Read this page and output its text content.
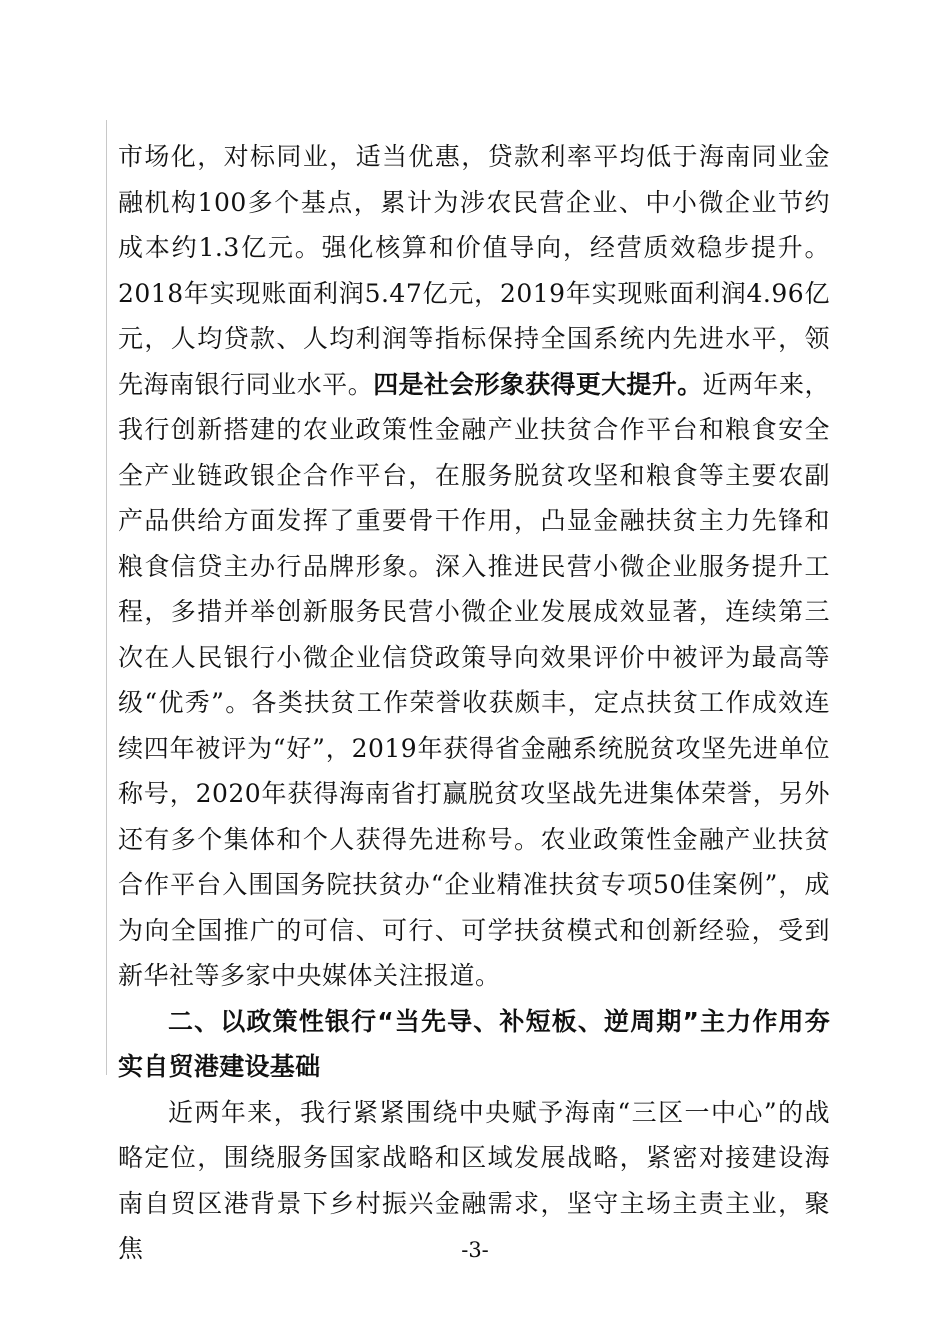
市场化，对标同业，适当优惠，贷款利率平均低于海南同业金融机构100多个基点，累计为涉农民营企业、中小微企业节约成本约1.3亿元。强化核算和价值导向，经营质效稳步提升。2018年实现账面利润5.47亿元，2019年实现账面利润4.96亿元，人均贷款、人均利润等指标保持全国系统内先进水平，领先海南银行同业水平。四是社会形象获得更大提升。近两年来，我行创新搭建的农业政策性金融产业扶贫合作平台和粮食安全全产业链政银企合作平台，在服务脱贫攻坚和粮食等主要农副产品供给方面发挥了重要骨干作用，凸显金融扶贫主力先锋和粮食信贷主办行品牌形象。深入推进民营小微企业服务提升工程，多措并举创新服务民营小微企业发展成效显著，连续第三次在人民银行小微企业信贷政策导向效果评价中被评为最高等级“优秀”。各类扶贫工作荣誉收获颇丰，定点扶贫工作成效连续四年被评为“好”，2019年获得省金融系统脱贫攻坚先进单位称号，2020年获得海南省打赢脱贫攻坚战先进集体荣誉，另外还有多个集体和个人获得先进称号。农业政策性金融产业扶贫合作平台入围国务院扶贫办“企业精准扶贫专项50佳案例”，成为向全国推广的可信、可行、可学扶贫模式和创新经验，受到新华社等多家中央媒体关注报道。

二、以政策性银行“当先导、补短板、逆周期”主力作用夯实自贸港建设基础

近两年来，我行紧紧围绕中央赋予海南“三区一中心”的战略定位，围绕服务国家战略和区域发展战略，紧密对接建设海南自贸区港背景下乡村振兴金融需求，坚守主场主责主业，聚焦	-3-
